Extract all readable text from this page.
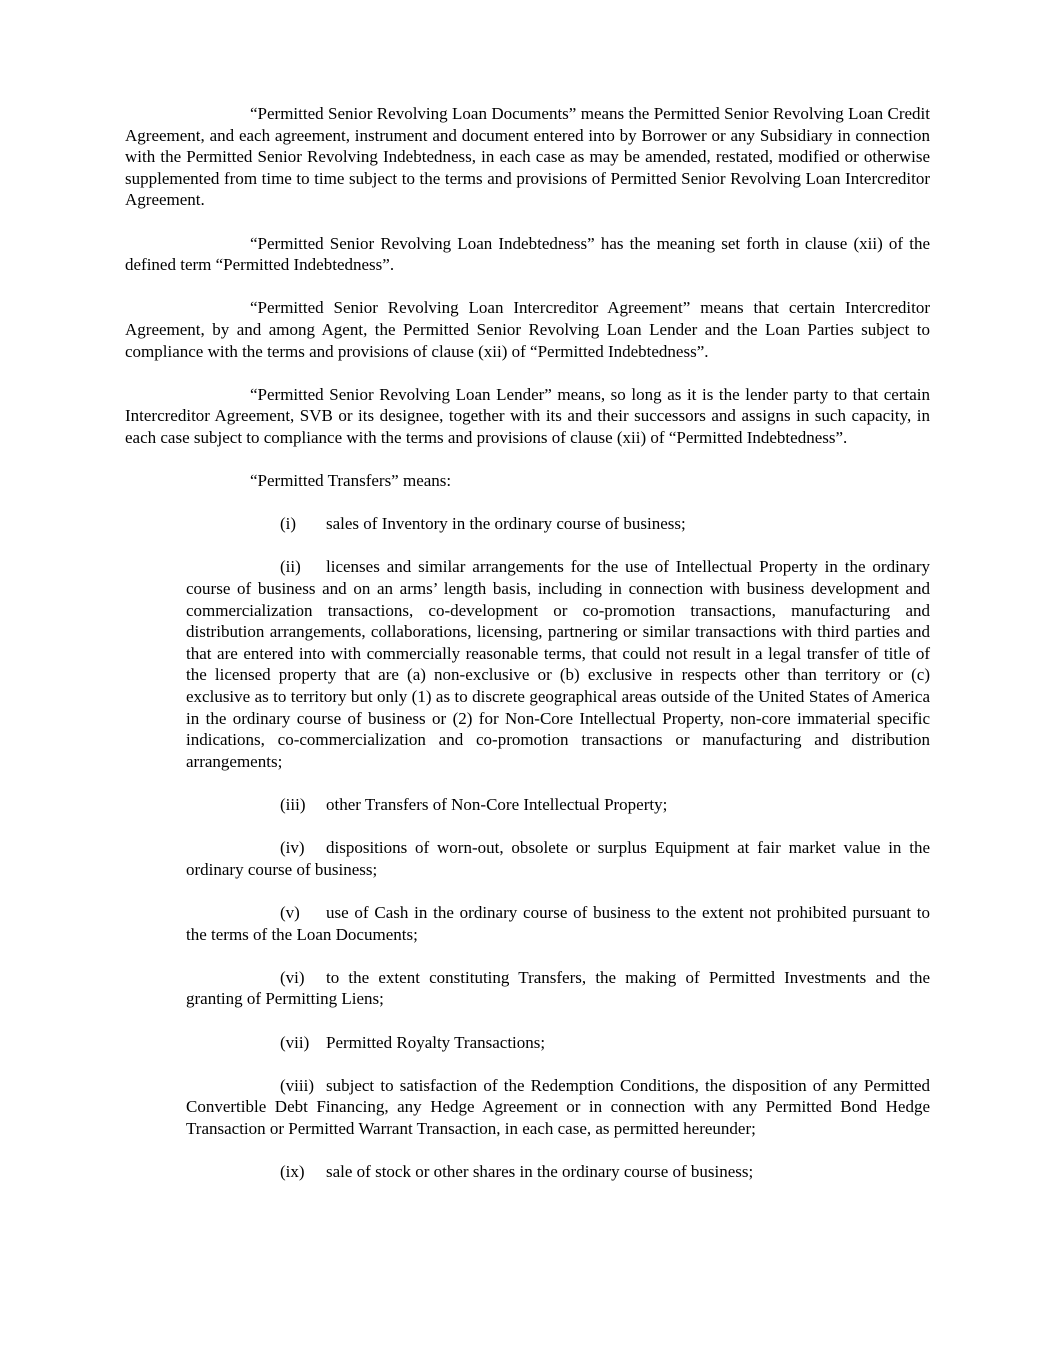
“Permitted Senior Revolving Loan Documents” means the Permitted Senior Revolving Loan Credit Agreement, and each agreement, instrument and document entered into by Borrower or any Subsidiary in connection with the Permitted Senior Revolving Indebtedness, in each case as may be amended, restated, modified or otherwise supplemented from time to time subject to the terms and provisions of Permitted Senior Revolving Loan Intercreditor Agreement.

“Permitted Senior Revolving Loan Indebtedness” has the meaning set forth in clause (xii) of the defined term “Permitted Indebtedness”.

“Permitted Senior Revolving Loan Intercreditor Agreement” means that certain Intercreditor Agreement, by and among Agent, the Permitted Senior Revolving Loan Lender and the Loan Parties subject to compliance with the terms and provisions of clause (xii) of “Permitted Indebtedness”.

“Permitted Senior Revolving Loan Lender” means, so long as it is the lender party to that certain Intercreditor Agreement, SVB or its designee, together with its and their successors and assigns in such capacity, in each case subject to compliance with the terms and provisions of clause (xii) of “Permitted Indebtedness”.

“Permitted Transfers” means:

(i) sales of Inventory in the ordinary course of business;

(ii) licenses and similar arrangements for the use of Intellectual Property in the ordinary course of business and on an arms’ length basis, including in connection with business development and commercialization transactions, co-development or co-promotion transactions, manufacturing and distribution arrangements, collaborations, licensing, partnering or similar transactions with third parties and that are entered into with commercially reasonable terms, that could not result in a legal transfer of title of the licensed property that are (a) non-exclusive or (b) exclusive in respects other than territory or (c) exclusive as to territory but only (1) as to discrete geographical areas outside of the United States of America in the ordinary course of business or (2) for Non-Core Intellectual Property, non-core immaterial specific indications, co-commercialization and co-promotion transactions or manufacturing and distribution arrangements;

(iii) other Transfers of Non-Core Intellectual Property;

(iv) dispositions of worn-out, obsolete or surplus Equipment at fair market value in the ordinary course of business;

(v) use of Cash in the ordinary course of business to the extent not prohibited pursuant to the terms of the Loan Documents;

(vi) to the extent constituting Transfers, the making of Permitted Investments and the granting of Permitting Liens;

(vii) Permitted Royalty Transactions;

(viii) subject to satisfaction of the Redemption Conditions, the disposition of any Permitted Convertible Debt Financing, any Hedge Agreement or in connection with any Permitted Bond Hedge Transaction or Permitted Warrant Transaction, in each case, as permitted hereunder;

(ix) sale of stock or other shares in the ordinary course of business;
